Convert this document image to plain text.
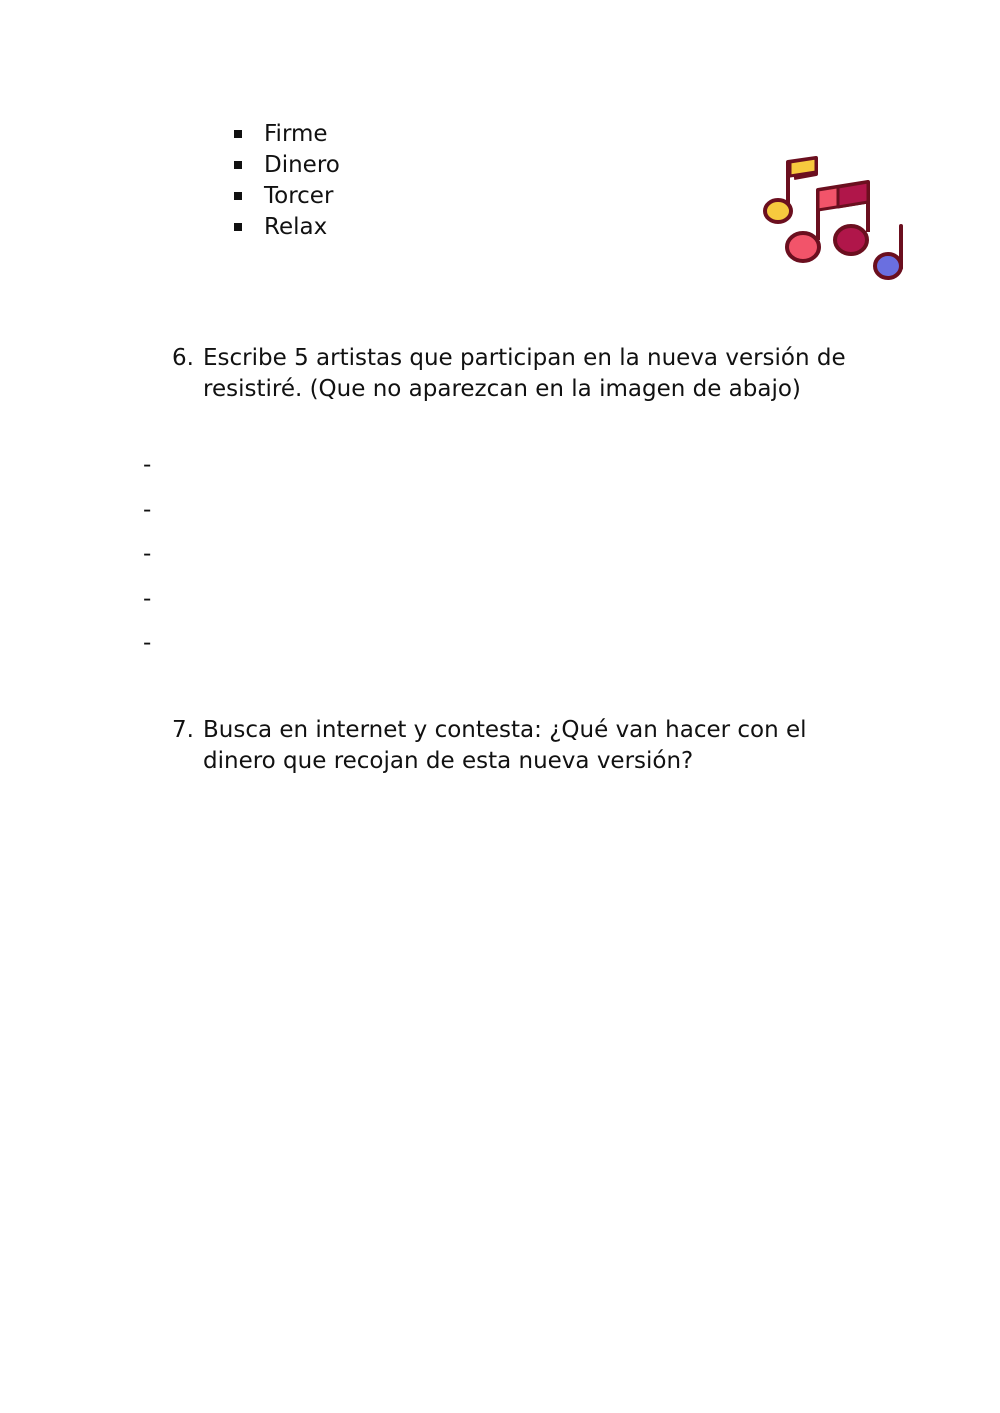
Firme
Dinero
Torcer
Relax
6. Escribe 5 artistas que participan en la nueva versión de resistiré. (Que no aparezcan en la imagen de abajo)
-
-
-
-
-
7. Busca en internet y contesta: ¿Qué van hacer con el dinero que recojan de esta nueva versión?
